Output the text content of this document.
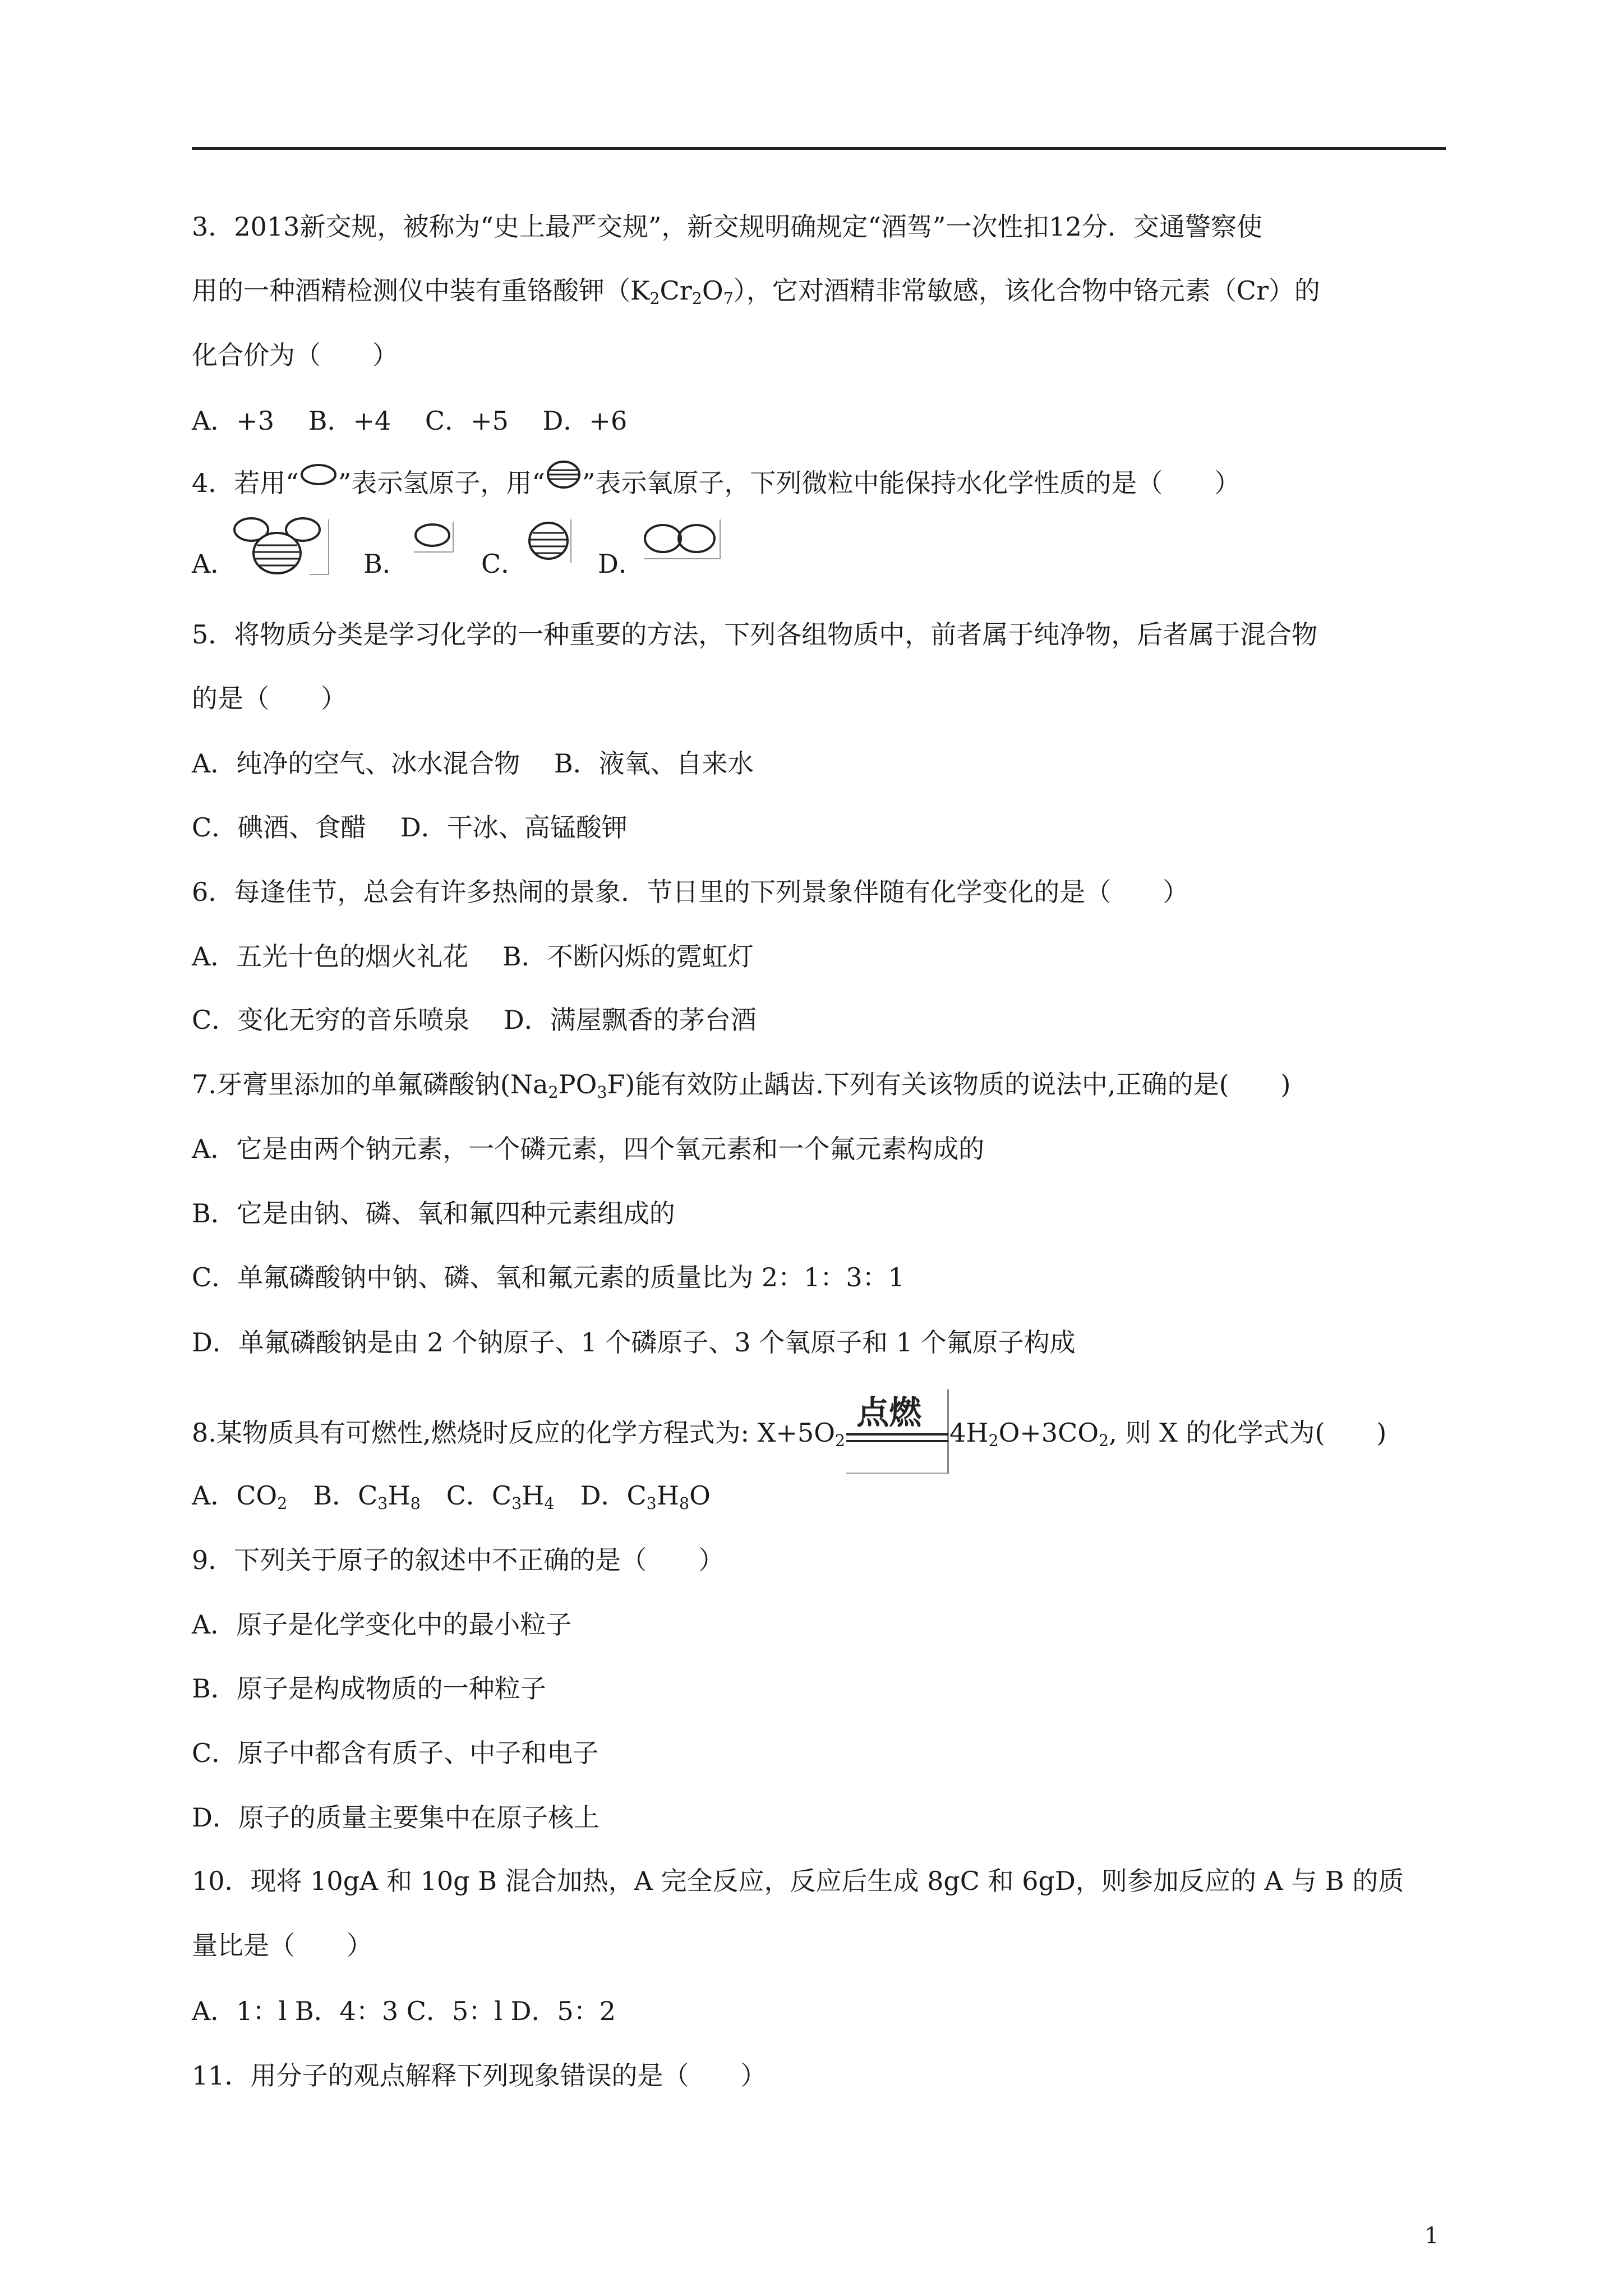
3．2013新交规，被称为“史上最严交规”，新交规明确规定“酒驾”一次性扣12分．交通警察使
用的一种酒精检测仪中装有重铬酸钾$(K_2Cr_2O_7)$，它对酒精非常敏感，该化合物中铬元素（Cr）的
化合价为（　　）
A．+3　 B．+4　 C．+5　 D．+6
4．若用“ ”表示氢原子，用“ ”表示氧原子，下列微粒中能保持水化学性质的是（　　）
A．	B．	C．	D．
5．将物质分类是学习化学的一种重要的方法，下列各组物质中，前者属于纯净物，后者属于混合物
的是（　　）
A．纯净的空气、冰水混合物　 B．液氧、自来水
C．碘酒、食醋　 D．干冰、高锰酸钾
6．每逢佳节，总会有许多热闹的景象．节日里的下列景象伴随有化学变化的是（　　）
A．五光十色的烟火礼花　 B．不断闪烁的霓虹灯
C．变化无穷的音乐喷泉　 D．满屋飘香的茅台酒
7.牙膏里添加的单氟磷酸钠$(Na_2PO_3F)$能有效防止龋齿.下列有关该物质的说法中,正确的是(　　)
A．它是由两个钠元素，一个磷元素，四个氧元素和一个氟元素构成的
B．它是由钠、磷、氧和氟四种元素组成的
C．单氟磷酸钠中钠、磷、氧和氟元素的质量比为 2：1：3：1
D．单氟磷酸钠是由 2 个钠原子、1 个磷原子、3 个氧原子和 1 个氟原子构成
8.某物质具有可燃性,燃烧时反应的化学方程式为: $X+5O_2$
点燃
$4H_2O+3CO_2$, 则 X 的化学式为(　　)
A．$CO_2$　B．$C_3H_8$　C．$C_3H_4$　D．$C_3H_8O$
9．下列关于原子的叙述中不正确的是（　　）
A．原子是化学变化中的最小粒子
B．原子是构成物质的一种粒子
C．原子中都含有质子、中子和电子
D．原子的质量主要集中在原子核上
10．现将 10gA 和 10g B 混合加热，A 完全反应，反应后生成 8gC 和 6gD，则参加反应的 A 与 B 的质
量比是（　　）
A．1：l B．4：3 C．5：l D．5：2
11．用分子的观点解释下列现象错误的是（　　）
1
